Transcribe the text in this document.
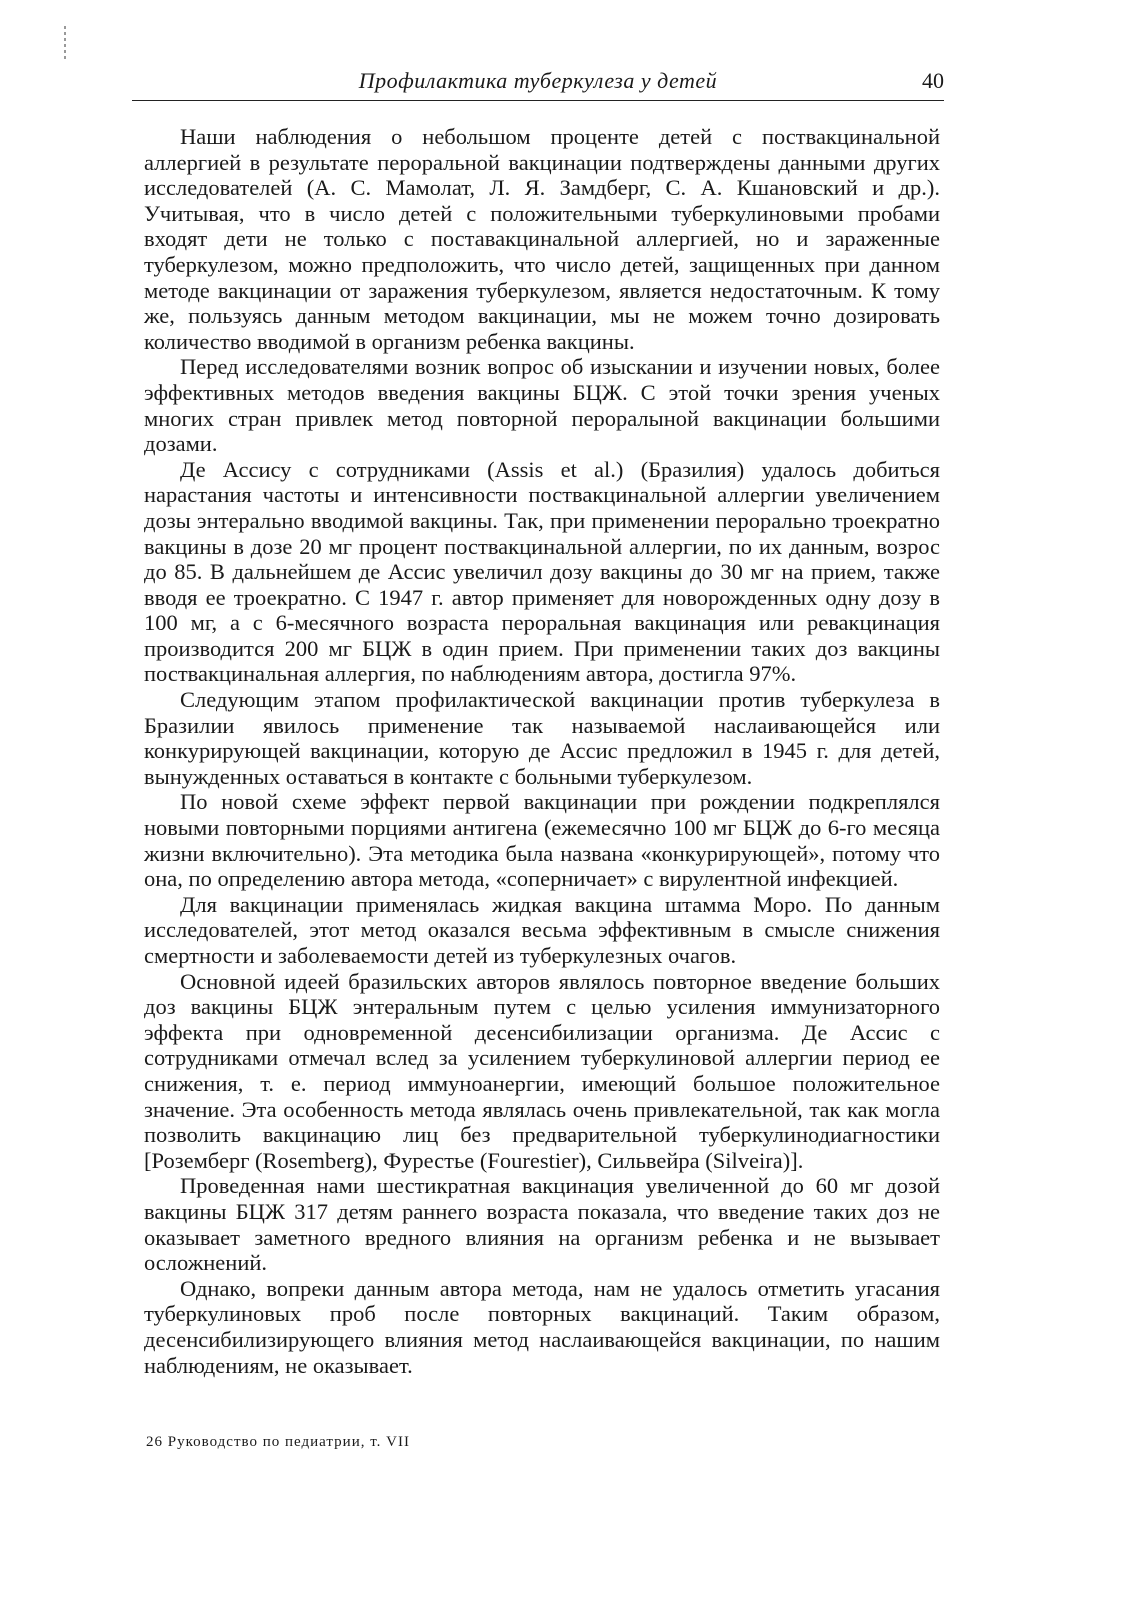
Профилактика туберкулеза у детей	40

Наши наблюдения о небольшом проценте детей с поствакцинальной аллергией в результате пероральной вакцинации подтверждены данными других исследователей (А. С. Мамолат, Л. Я. Замдберг, С. А. Кшановский и др.). Учитывая, что в число детей с положительными туберкулиновыми пробами входят дети не только с поставакцинальной аллергией, но и зараженные туберкулезом, можно предположить, что число детей, защищенных при данном методе вакцинации от заражения туберкулезом, является недостаточным. К тому же, пользуясь данным методом вакцинации, мы не можем точно дозировать количество вводимой в организм ребенка вакцины.

Перед исследователями возник вопрос об изыскании и изучении новых, более эффективных методов введения вакцины БЦЖ. С этой точки зрения ученых многих стран привлек метод повторной пероралыной вакцинации большими дозами.

Де Ассису с сотрудниками (Assis et al.) (Бразилия) удалось добиться нарастания частоты и интенсивности поствакцинальной аллергии увеличением дозы энтерально вводимой вакцины. Так, при применении перорально троекратно вакцины в дозе 20 мг процент поствакцинальной аллергии, по их данным, возрос до 85. В дальнейшем де Ассис увеличил дозу вакцины до 30 мг на прием, также вводя ее троекратно. С 1947 г. автор применяет для новорожденных одну дозу в 100 мг, а с 6-месячного возраста пероральная вакцинация или ревакцинация производится 200 мг БЦЖ в один прием. При применении таких доз вакцины поствакцинальная аллергия, по наблюдениям автора, достигла 97%.

Следующим этапом профилактической вакцинации против туберкулеза в Бразилии явилось применение так называемой наслаивающейся или конкурирующей вакцинации, которую де Ассис предложил в 1945 г. для детей, вынужденных оставаться в контакте с больными туберкулезом.

По новой схеме эффект первой вакцинации при рождении подкреплялся новыми повторными порциями антигена (ежемесячно 100 мг БЦЖ до 6-го месяца жизни включительно). Эта методика была названа «конкурирующей», потому что она, по определению автора метода, «соперничает» с вирулентной инфекцией.

Для вакцинации применялась жидкая вакцина штамма Моро. По данным исследователей, этот метод оказался весьма эффективным в смысле снижения смертности и заболеваемости детей из туберкулезных очагов.

Основной идеей бразильских авторов являлось повторное введение больших доз вакцины БЦЖ энтеральным путем с целью усиления иммунизаторного эффекта при одновременной десенсибилизации организма. Де Ассис с сотрудниками отмечал вслед за усилением туберкулиновой аллергии период ее снижения, т. е. период иммуноанергии, имеющий большое положительное значение. Эта особенность метода являлась очень привлекательной, так как могла позволить вакцинацию лиц без предварительной туберкулинодиагностики [Роземберг (Rosemberg), Фурестье (Fourestier), Сильвейра (Silveira)].

Проведенная нами шестикратная вакцинация увеличенной до 60 мг дозой вакцины БЦЖ 317 детям раннего возраста показала, что введение таких доз не оказывает заметного вредного влияния на организм ребенка и не вызывает осложнений.

Однако, вопреки данным автора метода, нам не удалось отметить угасания туберкулиновых проб после повторных вакцинаций. Таким образом, десенсибилизирующего влияния метод наслаивающейся вакцинации, по нашим наблюдениям, не оказывает.

26 Руководство по педиатрии, т. VII
